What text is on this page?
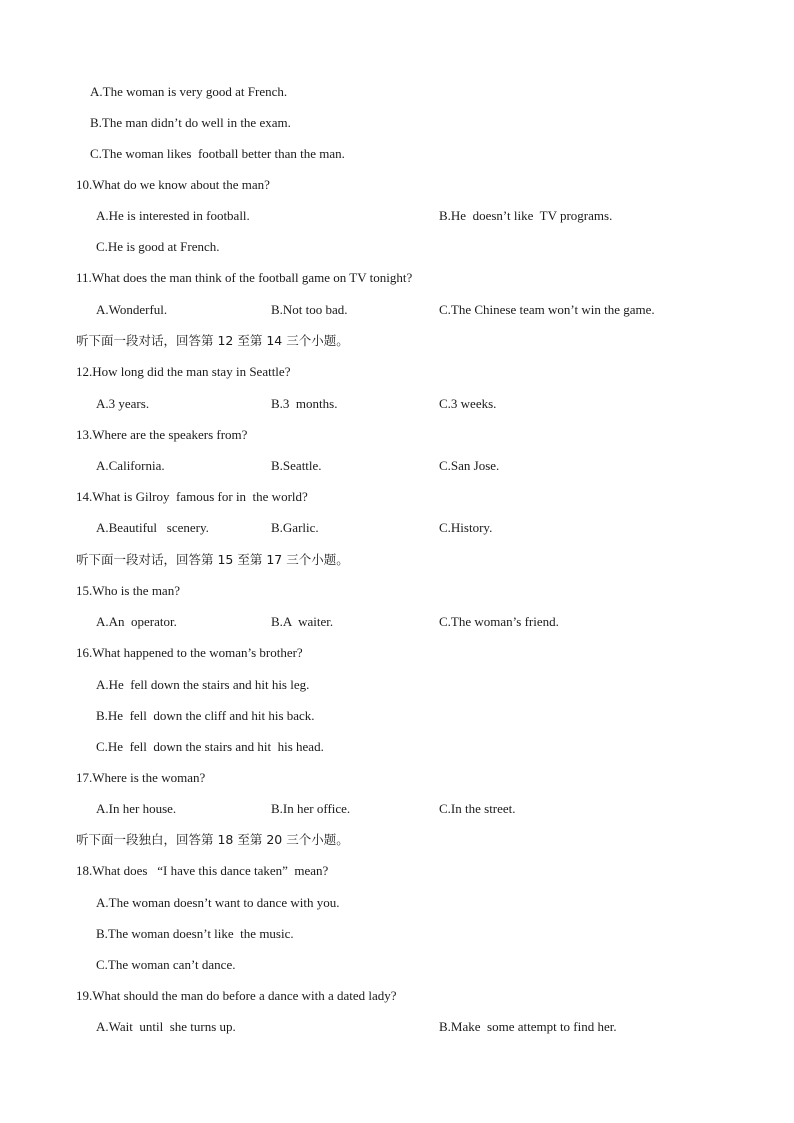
A.The woman is very good at French.
B.The man didn’t do well in the exam.
C.The woman likes  football better than the man.
10.What do we know about the man?
A.He is interested in football.	B.He  doesn’t like  TV programs.
C.He is good at French.
11.What does the man think of the football game on TV tonight?
A.Wonderful.	B.Not too bad.	C.The Chinese team won’t win the game.
听下面一段对话，回答第 12 至第 14 三个小题。
12.How long did the man stay in Seattle?
A.3 years.	B.3  months.	C.3 weeks.
13.Where are the speakers from?
A.California.	B.Seattle.	C.San Jose.
14.What is Gilroy  famous for in  the world?
A.Beautiful   scenery.	B.Garlic.	C.History.
听下面一段对话，回答第 15 至第 17 三个小题。
15.Who is the man?
A.An  operator.	B.A  waiter.	C.The woman’s friend.
16.What happened to the woman’s brother?
A.He  fell down the stairs and hit his leg.
B.He  fell  down the cliff and hit his back.
C.He  fell  down the stairs and hit  his head.
17.Where is the woman?
A.In her house.	B.In her office.	C.In the street.
听下面一段独白，回答第 18 至第 20 三个小题。
18.What does   “I have this dance taken”  mean?
A.The woman doesn’t want to dance with you.
B.The woman doesn’t like  the music.
C.The woman can’t dance.
19.What should the man do before a dance with a dated lady?
A.Wait  until  she turns up.	B.Make  some attempt to find her.
